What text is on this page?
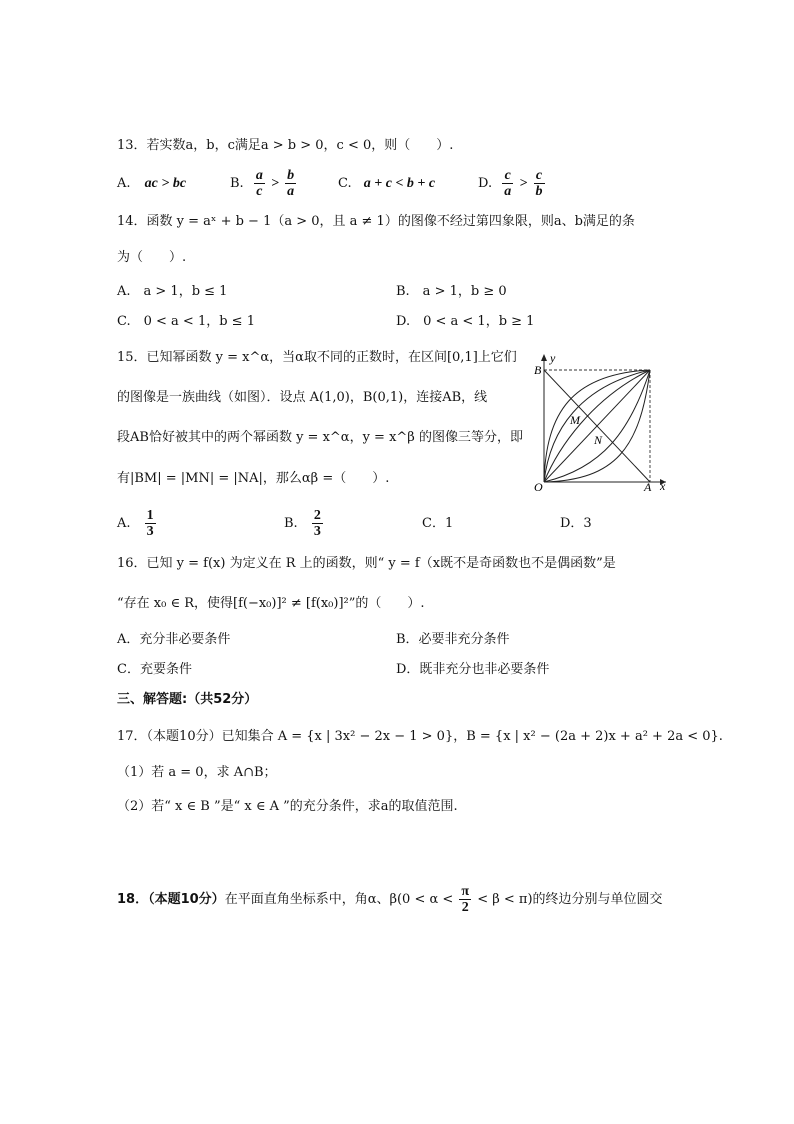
13．若实数a，b，c满足a > b > 0，c < 0，则（　　）.
A. ac > bc	B. $\frac{a}{c} > \frac{b}{a}$	C. a + c < b + c	D. $\frac{c}{a} > \frac{c}{b}$
14．函数 y = aˣ + b − 1（a > 0，且 a ≠ 1）的图像不经过第四象限，则a、b满足的条
为（　　）.
A.　a > 1，b ≤ 1	B.　a > 1，b ≥ 0
C.　0 < a < 1，b ≤ 1	D.　0 < a < 1，b ≥ 1
15．已知幂函数 y = x^α，当α取不同的正数时，在区间[0,1]上它们
的图像是一族曲线（如图）．设点 A(1,0)，B(0,1)，连接AB，线
段AB恰好被其中的两个幂函数 y = x^α，y = x^β 的图像三等分，即
有|BM| = |MN| = |NA|，那么αβ =（　　）.
y
x
B
O	A
M
N
A. $\frac{1}{3}$	B. $\frac{2}{3}$	C．1	D．3
16．已知 y = f(x) 为定义在 R 上的函数，则“ y = f（x既不是奇函数也不是偶函数”是
“存在 x₀ ∈ R，使得[f(−x₀)]² ≠ [f(x₀)]²”的（　　）.
A．充分非必要条件	B．必要非充分条件
C．充要条件	D．既非充分也非必要条件
三、解答题:（共52分）
17．（本题10分）已知集合 A = {x | 3x² − 2x − 1 > 0}，B = {x | x² − (2a + 2)x + a² + 2a < 0}.
（1）若 a = 0，求 A∩B；
（2）若“ x ∈ B ”是“ x ∈ A ”的充分条件，求a的取值范围.
18．（本题10分）在平面直角坐标系中，角α、$\beta(0 < \alpha < \frac{\pi}{2} < \beta < \pi)$的终边分别与单位圆交
